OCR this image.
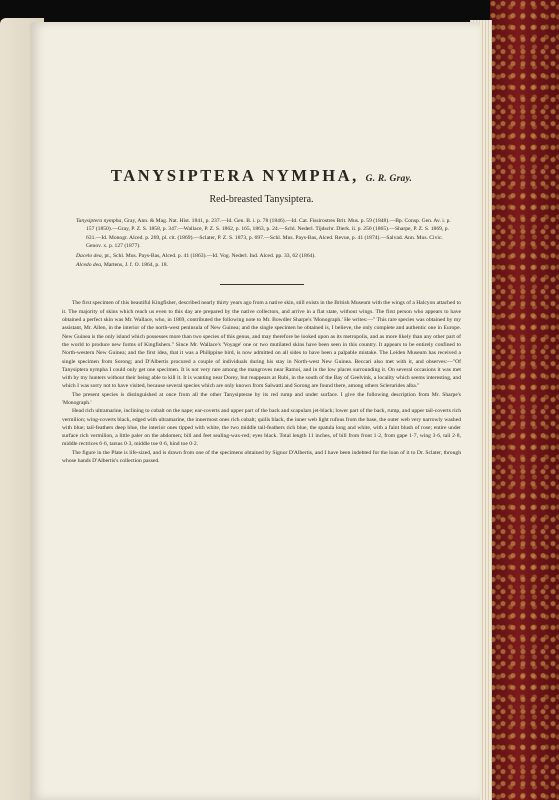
TANYSIPTERA NYMPHA, G. R. Gray.
Red-breasted Tanysiptera.

Tanysiptera nympha, Gray, Ann. & Mag. Nat. Hist. 1841, p. 237.—Id. Gen. B. i. p. 78 (1846).—Id. Cat. Fissirostres Brit. Mus. p. 59 (1848).—Bp. Consp. Gen. Av. i. p. 157 (1850).—Gray, P. Z. S. 1858, p. 347.—Wallace, P. Z. S. 1862, p. 165, 1863, p. 24.—Schl. Nederl. Tijdschr. Dierk. ii. p. 250 (1865).—Sharpe, P. Z. S. 1869, p. 631.—Id. Monogr. Alced. p. 269, pl. cit. (1869).—Sclater, P. Z. S. 1873, p. 697.—Schl. Mus. Pays-Bas, Alced. Revue, p. 41 (1874).—Salvad. Ann. Mus. Civic. Genov. x. p. 127 (1877).

Dacelo dea, pt., Schl. Mus. Pays-Bas, Alced. p. 41 (1863).—Id. Vog. Nederl. Ind. Alced. pp. 33, 62 (1864).

Alcedo dea, Martens, J. f. O. 1864, p. 18.

The first specimen of this beautiful Kingfisher, described nearly thirty years ago from a native skin, still exists in the British Museum with the wings of a Halcyon attached to it. The majority of skins which reach us even to this day are prepared by the native collectors, and arrive in a flat state, without wings. The first person who appears to have obtained a perfect skin was Mr. Wallace, who, in 1869, contributed the following note to Mr. Bowdler Sharpe's 'Monograph.' He writes:—" This rare species was obtained by my assistant, Mr. Allen, in the interior of the north-west peninsula of New Guinea; and the single specimen he obtained is, I believe, the only complete and authentic one in Europe. New Guinea is the only island which possesses more than two species of this genus, and may therefore be looked upon as its metropolis, and as more likely than any other part of the world to produce new forms of Kingfishers." Since Mr. Wallace's 'Voyage' one or two mutilated skins have been seen in this country. It appears to be entirely confined to North-western New Guinea; and the first idea, that it was a Philippine bird, is now admitted on all sides to have been a palpable mistake. The Leiden Museum has received a single specimen from Sorong; and D'Albertis procured a couple of individuals during his stay in North-west New Guinea. Beccari also met with it, and observes:—"Of Tanysiptera nympha I could only get one specimen. It is not very rare among the mangroves near Ramoi, and in the low places surrounding it. On several occasions it was met with by my hunters without their being able to kill it. It is wanting near Dorey, but reappears at Rubi, in the south of the Bay of Geelvink, a locality which seems interesting, and which I was sorry not to have visited, because several species which are only known from Salwatti and Sorong are found there, among others Sclerurides alba."

The present species is distinguished at once from all the other Tanysipterae by its red rump and under surface. I give the following description from Mr. Sharpe's 'Monograph.'

Head rich ultramarine, inclining to cobalt on the nape; ear-coverts and upper part of the back and scapulars jet-black; lower part of the back, rump, and upper tail-coverts rich vermilion; wing-coverts black, edged with ultramarine, the innermost ones rich cobalt; quills black, the inner web light rufous from the base, the outer web very narrowly washed with blue; tail-feathers deep blue, the interior ones tipped with white, the two middle tail-feathers rich blue, the spatula long and white, with a faint blush of rose; entire under surface rich vermilion, a little paler on the abdomen; bill and feet sealing-wax-red; eyes black. Total length 11 inches, of bill from front 1·2, from gape 1·7, wing 3·6, tail 2·8, middle rectrices 6·6, tarsus 0·3, middle toe 0·6, hind toe 0·2.

The figure in the Plate is life-sized, and is drawn from one of the specimens obtained by Signor D'Albertis, and I have been indebted for the loan of it to Dr. Sclater, through whose hands D'Albertis's collection passed.
